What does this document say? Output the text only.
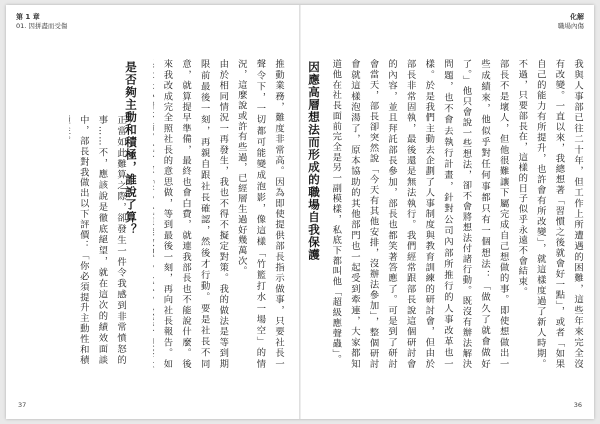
第 1 章
01. 因拼盡而受傷
推動業務，難度非常高。因為即使提供部長指示做事，只要社長一聲令下，一切都可能變成泡影，像這樣「竹籃打水一場空」的情況，這麼說或許有些過，已經層生過好幾萬次。
由於相同情況一再發生，我也不得不擬定對策。我的做法是等到期限前最後一刻，再親自跟社長確認，然後才行動。要是社長不同意，就算提早準備，最終也會白費，就連我部長也不能說什麼。後來我改成完全照社長的意思做，等到最後一刻，再向社長報告。如
是否夠主動和積極，誰說了算？
正當如此難算之際，卻發生一件令我感到非常憤怒的事……不，應該說是徹底絕望，就在這次的績效面談中，部長對我做出以下評價：「你必須提升主動性和積
37
化解
職場內傷
我與人事部已往二十年，但工作上所遭遇的困難，這些年來完全沒有改變。一直以來，我總想著「習慣之後就會好一點」，或者「如果自己的能力有所提升，也許會有所改變」，就這樣度過了新人時期。不過，只要部長在，這樣的日子似乎永遠不會結束。
部長不是壞人，但他很難讓下屬完成自己想做的事。即使想做出一些成績來，他似乎對任何事都只有一個想法：「做久了就會做好了。」他只會說一些想法，卻不會將想法付諸行動。既沒有辦法解決問題，也不會去執行計畫，針對公司內部所推行的人事改革也一樣。於是我們主動去企劃了人事制度與教育訓練的研討會，但由於部長非常固執，最後還是無法執行。我們經常跟部長說這個研討會的內容，並且拜託部長參加，部長也都笑著答應了。可是到了研討會當天，部長卻突然說「今天有其他安排，沒辦法參加」，整個研討會就這樣泡湯了，原本協助的其他部門也一起受到牽連，大家都知道他在社長面前完全是另一副模樣，私底下都叫他「超級應聲蟲」。

因應高層想法而形成的職場自我保護
36
